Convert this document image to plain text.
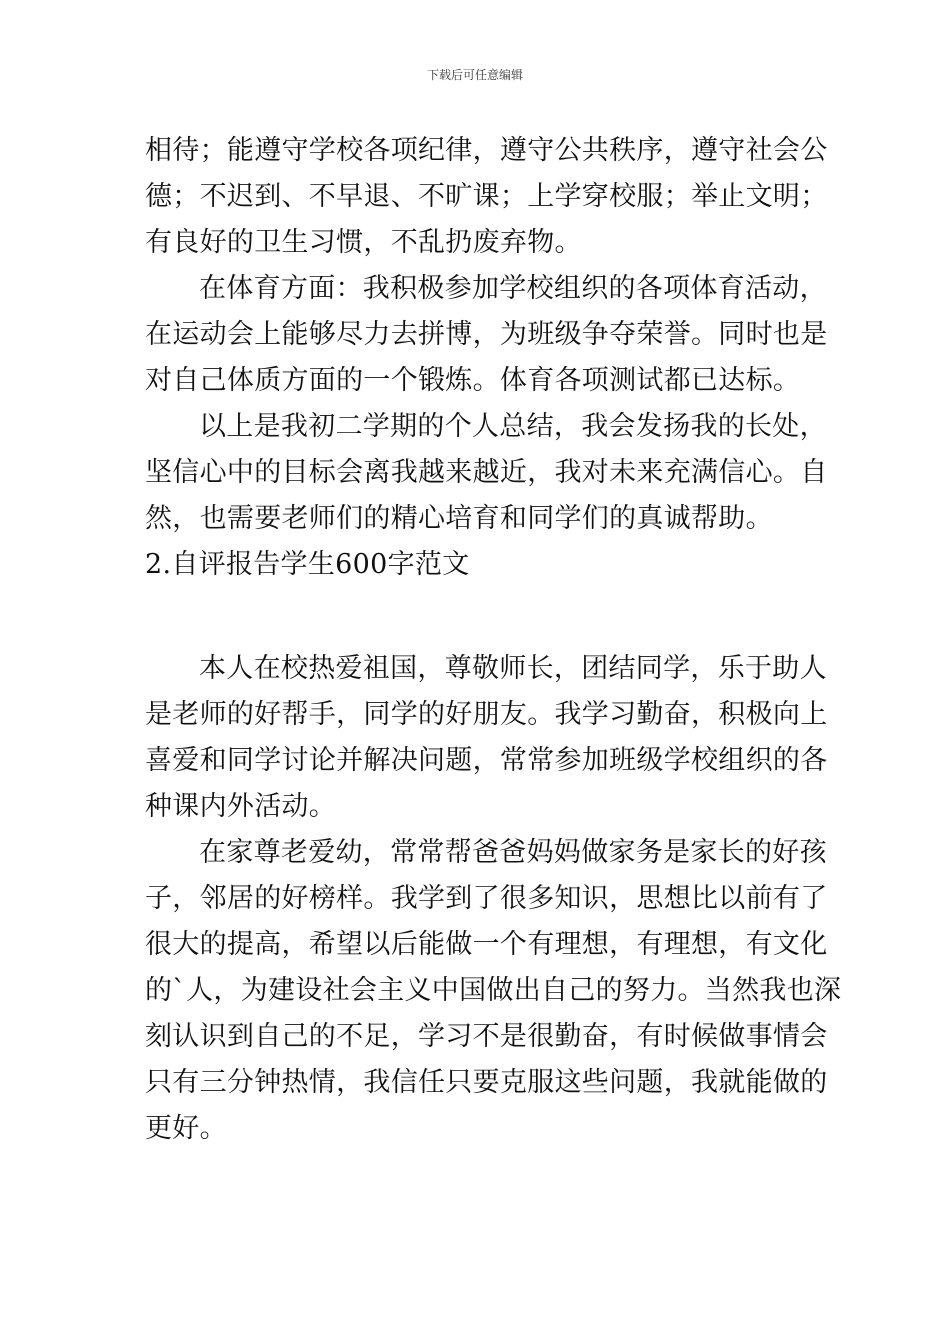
下载后可任意编辑
相待；能遵守学校各项纪律，遵守公共秩序，遵守社会公
德；不迟到、不早退、不旷课；上学穿校服；举止文明；
有良好的卫生习惯，不乱扔废弃物。
在体育方面：我积极参加学校组织的各项体育活动，
在运动会上能够尽力去拼博，为班级争夺荣誉。同时也是
对自己体质方面的一个锻炼。体育各项测试都已达标。
以上是我初二学期的个人总结，我会发扬我的长处，
坚信心中的目标会离我越来越近，我对未来充满信心。自
然，也需要老师们的精心培育和同学们的真诚帮助。
2.自评报告学生600字范文
本人在校热爱祖国，尊敬师长，团结同学，乐于助人
是老师的好帮手，同学的好朋友。我学习勤奋，积极向上
喜爱和同学讨论并解决问题，常常参加班级学校组织的各
种课内外活动。
在家尊老爱幼，常常帮爸爸妈妈做家务是家长的好孩
子，邻居的好榜样。我学到了很多知识，思想比以前有了
很大的提高，希望以后能做一个有理想，有理想，有文化
的`人，为建设社会主义中国做出自己的努力。当然我也深
刻认识到自己的不足，学习不是很勤奋，有时候做事情会
只有三分钟热情，我信任只要克服这些问题，我就能做的
更好。
